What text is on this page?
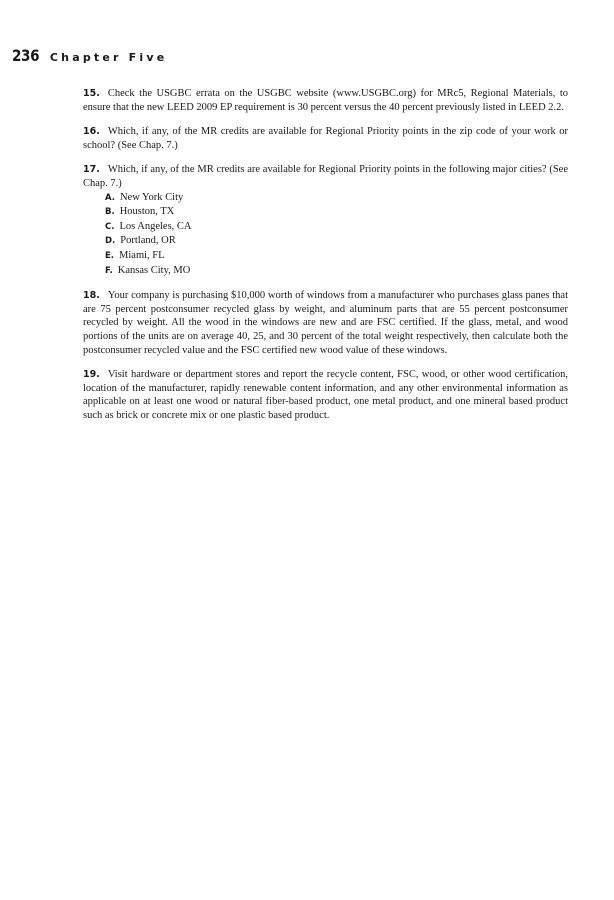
236 Chapter Five

15. Check the USGBC errata on the USGBC website (www.USGBC.org) for MRc5, Regional Materials, to ensure that the new LEED 2009 EP requirement is 30 percent versus the 40 percent previously listed in LEED 2.2.

16. Which, if any, of the MR credits are available for Regional Priority points in the zip code of your work or school? (See Chap. 7.)

17. Which, if any, of the MR credits are available for Regional Priority points in the following major cities? (See Chap. 7.)
A. New York City
B. Houston, TX
C. Los Angeles, CA
D. Portland, OR
E. Miami, FL
F. Kansas City, MO

18. Your company is purchasing $10,000 worth of windows from a manufacturer who purchases glass panes that are 75 percent postconsumer recycled glass by weight, and aluminum parts that are 55 percent postconsumer recycled by weight. All the wood in the windows are new and are FSC certified. If the glass, metal, and wood portions of the units are on average 40, 25, and 30 percent of the total weight respectively, then calculate both the postconsumer recycled value and the FSC certified new wood value of these windows.

19. Visit hardware or department stores and report the recycle content, FSC, wood, or other wood certification, location of the manufacturer, rapidly renewable content information, and any other environmental information as applicable on at least one wood or natural fiber-based product, one metal product, and one mineral based product such as brick or concrete mix or one plastic based product.
